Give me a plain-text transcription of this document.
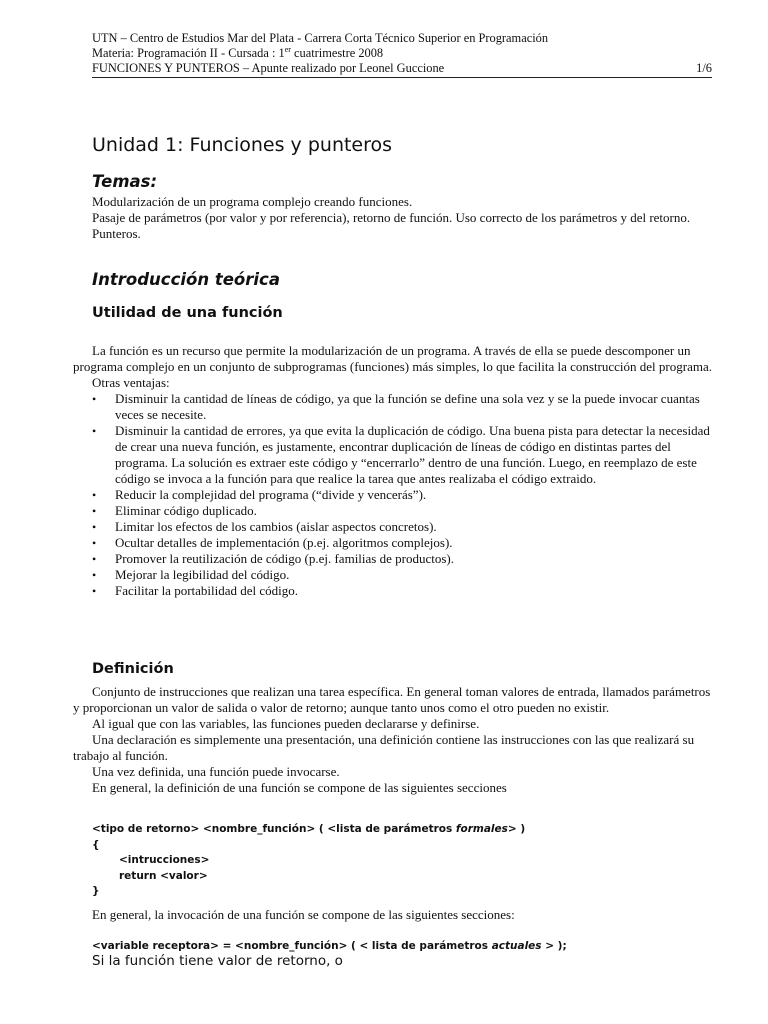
UTN – Centro de Estudios Mar del Plata - Carrera Corta Técnico Superior en Programación
Materia: Programación II - Cursada : 1er cuatrimestre 2008
FUNCIONES Y PUNTEROS – Apunte realizado por Leonel Guccione	1/6
Unidad 1: Funciones y punteros
Temas:

Modularización de un programa complejo creando funciones.

Pasaje de parámetros (por valor y por referencia), retorno de función. Uso correcto de los parámetros y del retorno.

Punteros.

Introducción teórica
Utilidad de una función

La función es un recurso que permite la modularización de un programa. A través de ella se puede descomponer un programa complejo en un conjunto de subprogramas (funciones) más simples, lo que facilita la construcción del programa.

Otras ventajas:

• Disminuir la cantidad de líneas de código, ya que la función se define una sola vez y se la puede invocar cuantas veces se necesite.
• Disminuir la cantidad de errores, ya que evita la duplicación de código. Una buena pista para detectar la necesidad de crear una nueva función, es justamente, encontrar duplicación de líneas de código en distintas partes del programa. La solución es extraer este código y “encerrarlo” dentro de una función. Luego, en reemplazo de este código se invoca a la función para que realice la tarea que antes realizaba el código extraido.
• Reducir la complejidad del programa (“divide y vencerás”).
• Eliminar código duplicado.
• Limitar los efectos de los cambios (aislar aspectos concretos).
• Ocultar detalles de implementación (p.ej. algoritmos complejos).
• Promover la reutilización de código (p.ej. familias de productos).
• Mejorar la legibilidad del código.
• Facilitar la portabilidad del código.
Definición

Conjunto de instrucciones que realizan una tarea específica. En general toman valores de entrada, llamados parámetros y proporcionan un valor de salida o valor de retorno; aunque tanto unos como el otro pueden no existir.

Al igual que con las variables, las funciones pueden declararse y definirse.

Una declaración es simplemente una presentación, una definición contiene las instrucciones con las que realizará su trabajo al función.

Una vez definida, una función puede invocarse.

En general, la definición de una función se compone de las siguientes secciones

<tipo de retorno> <nombre_función> ( <lista de parámetros formales> )
{
<intrucciones>
return <valor>
}

En general, la invocación de una función se compone de las siguientes secciones:

<variable receptora> = <nombre_función> ( < lista de parámetros actuales > );
Si la función tiene valor de retorno, o
